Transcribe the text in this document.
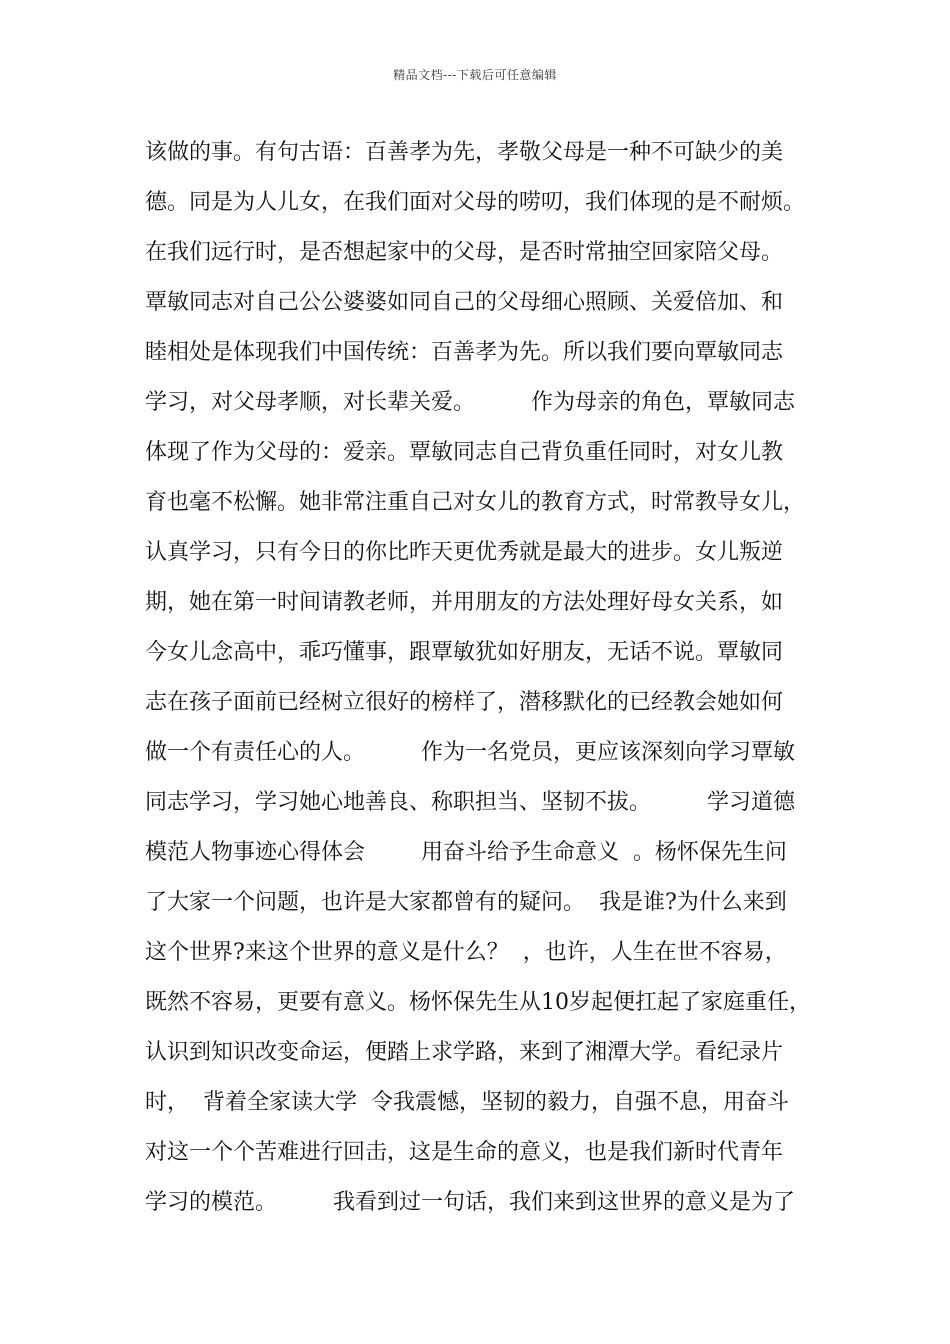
精品文档---下载后可任意编辑
该做的事。有句古语：百善孝为先，孝敬父母是一种不可缺少的美
德。同是为人儿女，在我们面对父母的唠叨，我们体现的是不耐烦。
在我们远行时，是否想起家中的父母，是否时常抽空回家陪父母。
覃敏同志对自己公公婆婆如同自己的父母细心照顾、关爱倍加、和
睦相处是体现我们中国传统：百善孝为先。所以我们要向覃敏同志
学习，对父母孝顺，对长辈关爱。        作为母亲的角色，覃敏同志
体现了作为父母的：爱亲。覃敏同志自己背负重任同时，对女儿教
育也毫不松懈。她非常注重自己对女儿的教育方式，时常教导女儿，
认真学习，只有今日的你比昨天更优秀就是最大的进步。女儿叛逆
期，她在第一时间请教老师，并用朋友的方法处理好母女关系，如
今女儿念高中，乖巧懂事，跟覃敏犹如好朋友，无话不说。覃敏同
志在孩子面前已经树立很好的榜样了，潜移默化的已经教会她如何
做一个有责任心的人。        作为一名党员，更应该深刻向学习覃敏
同志学习，学习她心地善良、称职担当、坚韧不拔。        学习道德
模范人物事迹心得体会        用奋斗给予生命意义  。杨怀保先生问
了大家一个问题，也许是大家都曾有的疑问。  我是谁?为什么来到
这个世界?来这个世界的意义是什么？  ，也许，人生在世不容易，
既然不容易，更要有意义。杨怀保先生从10岁起便扛起了家庭重任，
认识到知识改变命运，便踏上求学路，来到了湘潭大学。看纪录片
时，  背着全家读大学  令我震憾，坚韧的毅力，自强不息，用奋斗
对这一个个苦难进行回击，这是生命的意义，也是我们新时代青年
学习的模范。        我看到过一句话，我们来到这世界的意义是为了
